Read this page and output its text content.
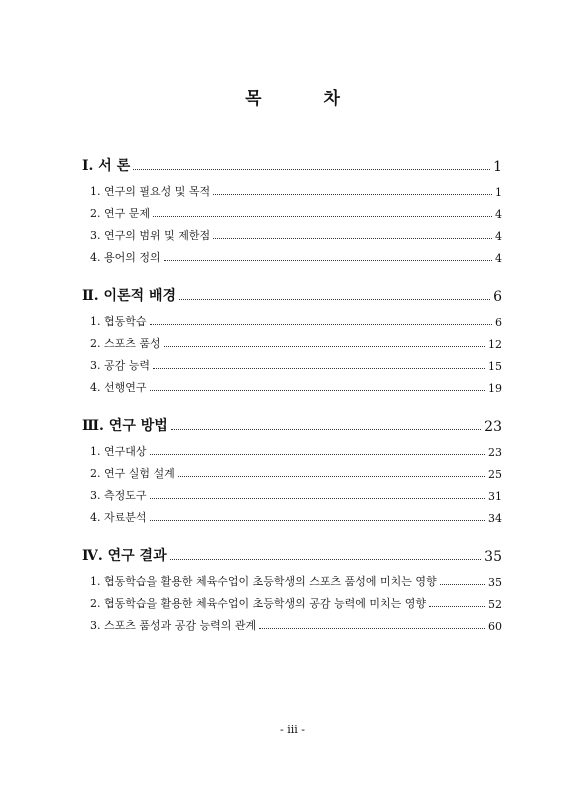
목 차
Ⅰ. 서 론	1
1. 연구의 필요성 및 목적	1
2. 연구 문제	4
3. 연구의 범위 및 제한점	4
4. 용어의 정의	4
Ⅱ. 이론적 배경	6
1. 협동학습	6
2. 스포츠 품성	12
3. 공감 능력	15
4. 선행연구	19
Ⅲ. 연구 방법	23
1. 연구대상	23
2. 연구 실험 설계	25
3. 측정도구	31
4. 자료분석	34
Ⅳ. 연구 결과	35
1. 협동학습을 활용한 체육수업이 초등학생의 스포츠 품성에 미치는 영향	35
2. 협동학습을 활용한 체육수업이 초등학생의 공감 능력에 미치는 영향	52
3. 스포츠 품성과 공감 능력의 관계	60
- iii -
